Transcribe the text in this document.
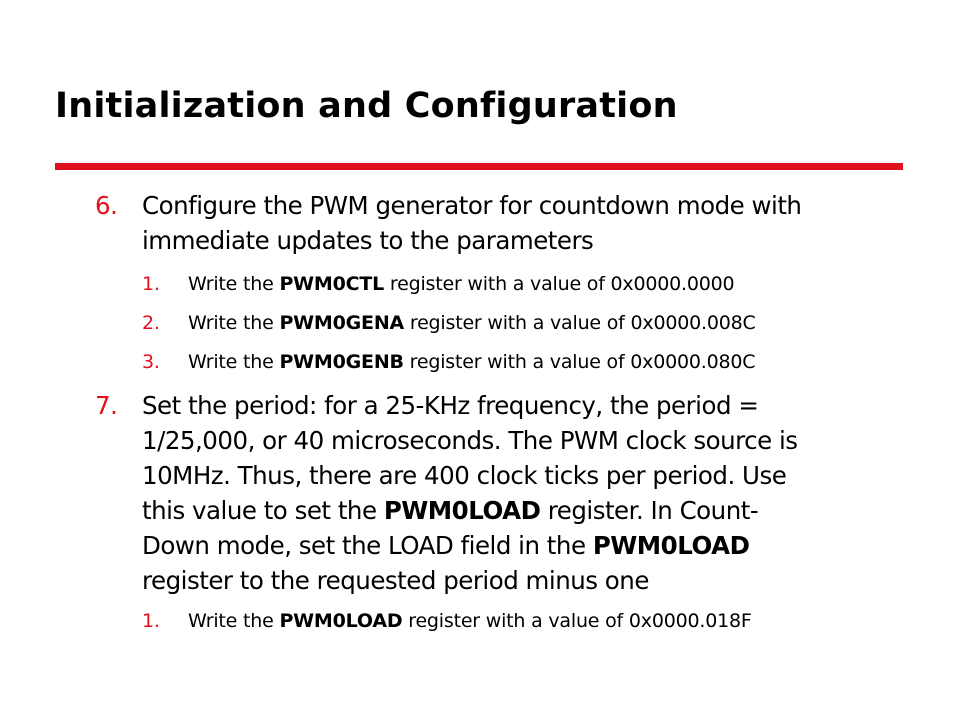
Initialization and Configuration
6. Configure the PWM generator for countdown mode with
immediate updates to the parameters
1. Write the PWM0CTL register with a value of 0x0000.0000
2. Write the PWM0GENA register with a value of 0x0000.008C
3. Write the PWM0GENB register with a value of 0x0000.080C
7. Set the period: for a 25-KHz frequency, the period =
1/25,000, or 40 microseconds. The PWM clock source is
10MHz. Thus, there are 400 clock ticks per period. Use
this value to set the PWM0LOAD register. In Count-
Down mode, set the LOAD field in the PWM0LOAD
register to the requested period minus one
1. Write the PWM0LOAD register with a value of 0x0000.018F
